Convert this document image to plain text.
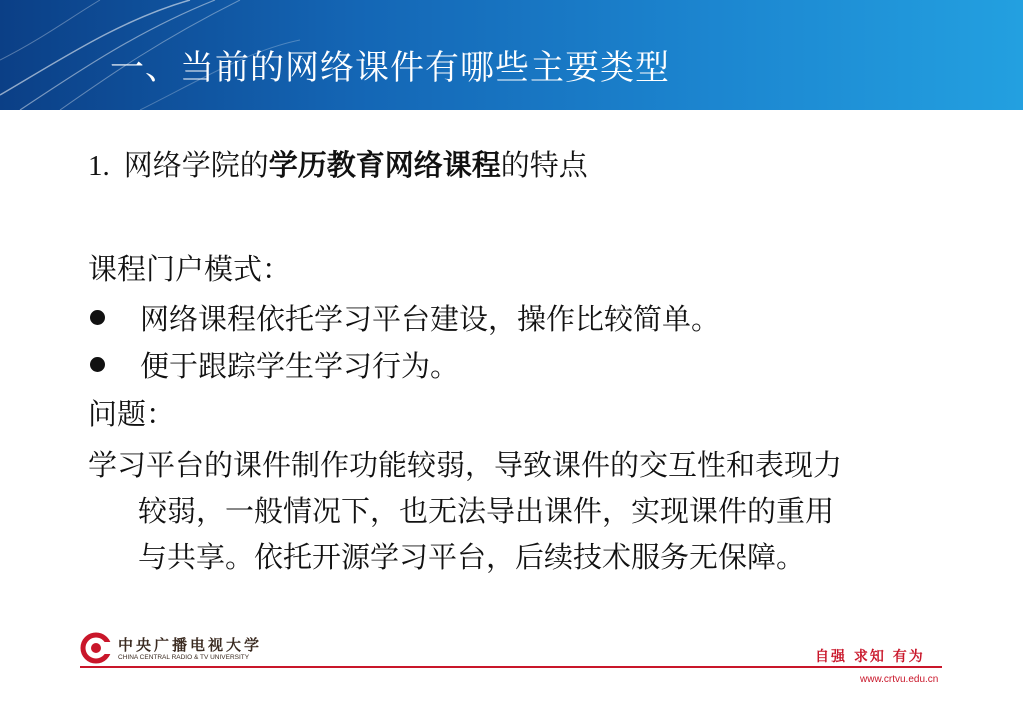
一、当前的网络课件有哪些主要类型
1. 网络学院的学历教育网络课程的特点
课程门户模式：
网络课程依托学习平台建设，操作比较简单。
便于跟踪学生学习行为。
问题：
学习平台的课件制作功能较弱，导致课件的交互性和表现力
较弱，一般情况下，也无法导出课件，实现课件的重用
与共享。依托开源学习平台，后续技术服务无保障。
中央广播电视大学
CHINA CENTRAL RADIO & TV UNIVERSITY	自强 求知 有为
www.crtvu.edu.cn
